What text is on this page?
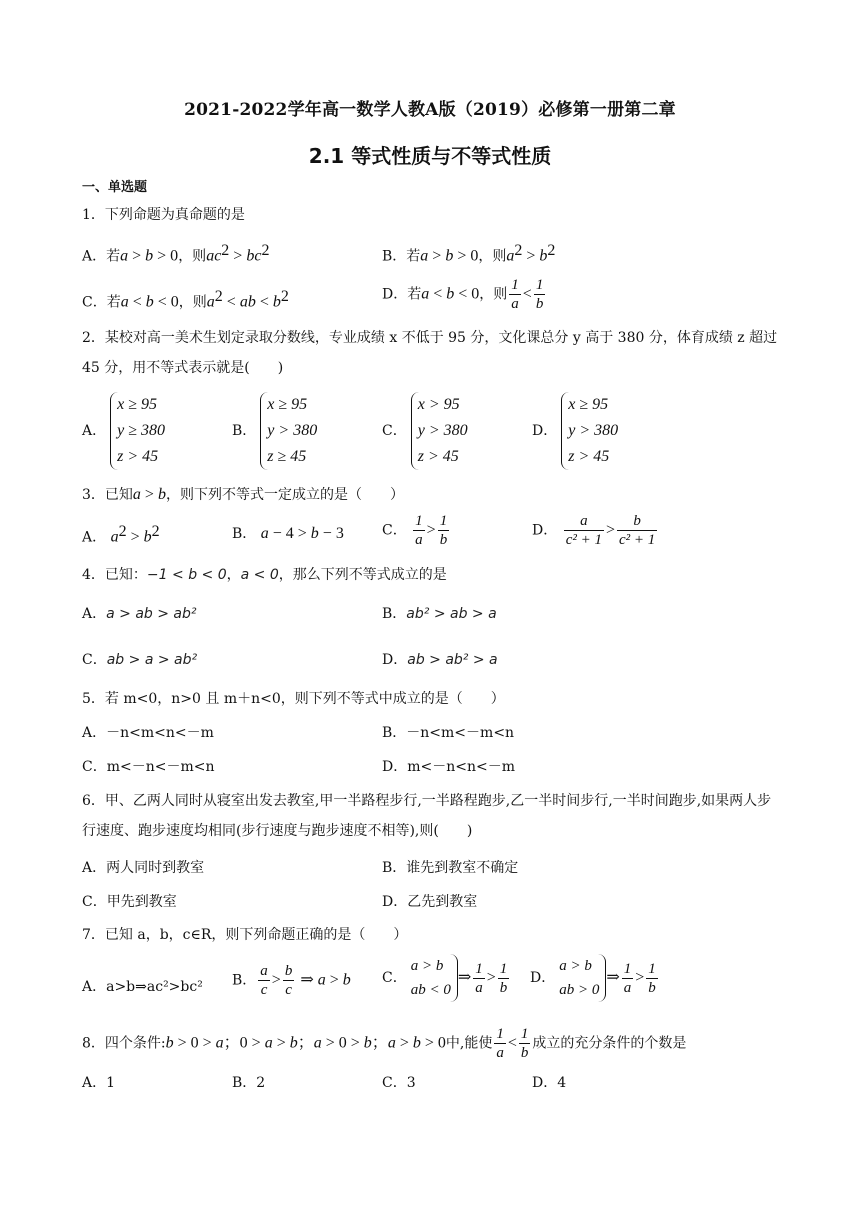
2021-2022学年高一数学人教A版（2019）必修第一册第二章
2.1 等式性质与不等式性质
一、单选题
1．下列命题为真命题的是
A．若a > b > 0，则$ac^2 > bc^2$	B．若a > b > 0，则$a^2 > b^2$
C．若a < b < 0，则$a^2$ < ab < $b^2$	D．若a < b < 0，则 $\frac{1}{a} < \frac{1}{b}$
2．某校对高一美术生划定录取分数线，专业成绩 x 不低于 95 分，文化课总分 y 高于 380 分，体育成绩 z 超过 45 分，用不等式表示就是(　　)
A．x ≥ 95
y ≥ 380
z > 45
B．x ≥ 95
y > 380
z ≥ 45
C．x > 95
y > 380
z > 45
D．x ≥ 95
y > 380
z > 45
3．已知a > b，则下列不等式一定成立的是（　　）
A． $a^2 > b^2$	B． a − 4 > b − 3	C． $\frac{1}{a} > \frac{1}{b}$	D． $\frac{a}{\text{c² + 1}} > \frac{b}{\text{c² + 1}}$
4．已知：−1 < b < 0，a < 0，那么下列不等式成立的是
A．a > ab > ab²	B．ab² > ab > a
C．ab > a > ab²	D．ab > ab² > a
5．若 m<0，n>0 且 m＋n<0，则下列不等式中成立的是（　　）
A．－n<m<n<－m	B．－n<m<－m<n
C．m<－n<－m<n	D．m<－n<n<－m
6．甲、乙两人同时从寝室出发去教室,甲一半路程步行,一半路程跑步,乙一半时间步行,一半时间跑步,如果两人步行速度、跑步速度均相同(步行速度与跑步速度不相等),则(　　)
A．两人同时到教室	B．谁先到教室不确定
C．甲先到教室	D．乙先到教室
7．已知 a，b，c∈R，则下列命题正确的是（　　）
A．a>b⇒ac²>bc² B． $\frac{a}{c} > \frac{b}{c}$ ⇒ a > b C．a > b
ab < 0⇒ $\frac{1}{a} > \frac{1}{b}$ D．a > b
ab > 0⇒ $\frac{1}{a} > \frac{1}{b}$
8．四个条件:b > 0 > a；0 > a > b；a > 0 > b；a > b > 0中,能使 $\frac{1}{a} < \frac{1}{b}$ 成立的充分条件的个数是
A．1	B．2	C．3	D．4
